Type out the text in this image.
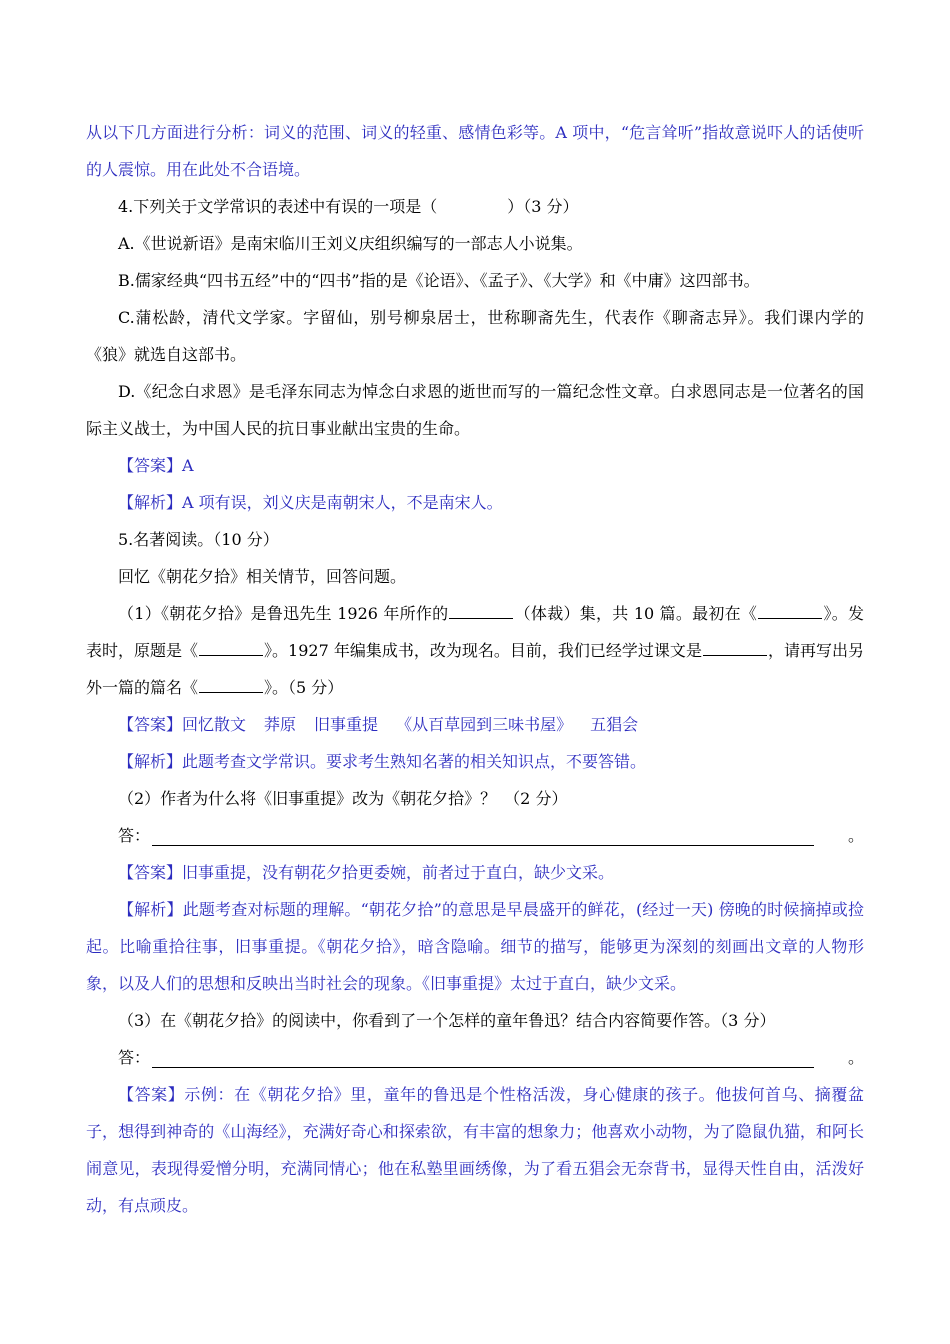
从以下几方面进行分析：词义的范围、词义的轻重、感情色彩等。A 项中，“危言耸听”指故意说吓人的话使听的人震惊。用在此处不合语境。

4.下列关于文学常识的表述中有误的一项是（	）（3 分）

A.《世说新语》是南宋临川王刘义庆组织编写的一部志人小说集。

B.儒家经典“四书五经”中的“四书”指的是《论语》、《孟子》、《大学》和《中庸》这四部书。

C.蒲松龄，清代文学家。字留仙，别号柳泉居士，世称聊斋先生，代表作《聊斋志异》。我们课内学的《狼》就选自这部书。

D.《纪念白求恩》是毛泽东同志为悼念白求恩的逝世而写的一篇纪念性文章。白求恩同志是一位著名的国际主义战士，为中国人民的抗日事业献出宝贵的生命。

【答案】A

【解析】A 项有误，刘义庆是南朝宋人，不是南宋人。

5.名著阅读。（10 分）

回忆《朝花夕拾》相关情节，回答问题。

（1）《朝花夕拾》是鲁迅先生 1926 年所作的	（体裁）集，共 10 篇。最初在《	》。发表时，原题是《	》。1927 年编集成书，改为现名。目前，我们已经学过课文是	，请再写出另外一篇的篇名《	》。（5 分）

【答案】回忆散文 莽原 旧事重提 《从百草园到三味书屋》 五猖会

【解析】此题考查文学常识。要求考生熟知名著的相关知识点，不要答错。

（2）作者为什么将《旧事重提》改为《朝花夕拾》？　（2 分）

答：	。

【答案】旧事重提，没有朝花夕拾更委婉，前者过于直白，缺少文采。

【解析】此题考查对标题的理解。“朝花夕拾”的意思是早晨盛开的鲜花，(经过一天) 傍晚的时候摘掉或捡起。比喻重拾往事，旧事重提。《朝花夕拾》，暗含隐喻。细节的描写，能够更为深刻的刻画出文章的人物形象，以及人们的思想和反映出当时社会的现象。《旧事重提》太过于直白，缺少文采。

（3）在《朝花夕拾》的阅读中，你看到了一个怎样的童年鲁迅？结合内容简要作答。（3 分）

答：	。

【答案】示例：在《朝花夕拾》里，童年的鲁迅是个性格活泼，身心健康的孩子。他拔何首乌、摘覆盆子，想得到神奇的《山海经》，充满好奇心和探索欲，有丰富的想象力；他喜欢小动物，为了隐鼠仇猫，和阿长闹意见，表现得爱憎分明，充满同情心；他在私塾里画绣像，为了看五猖会无奈背书，显得天性自由，活泼好动，有点顽皮。
